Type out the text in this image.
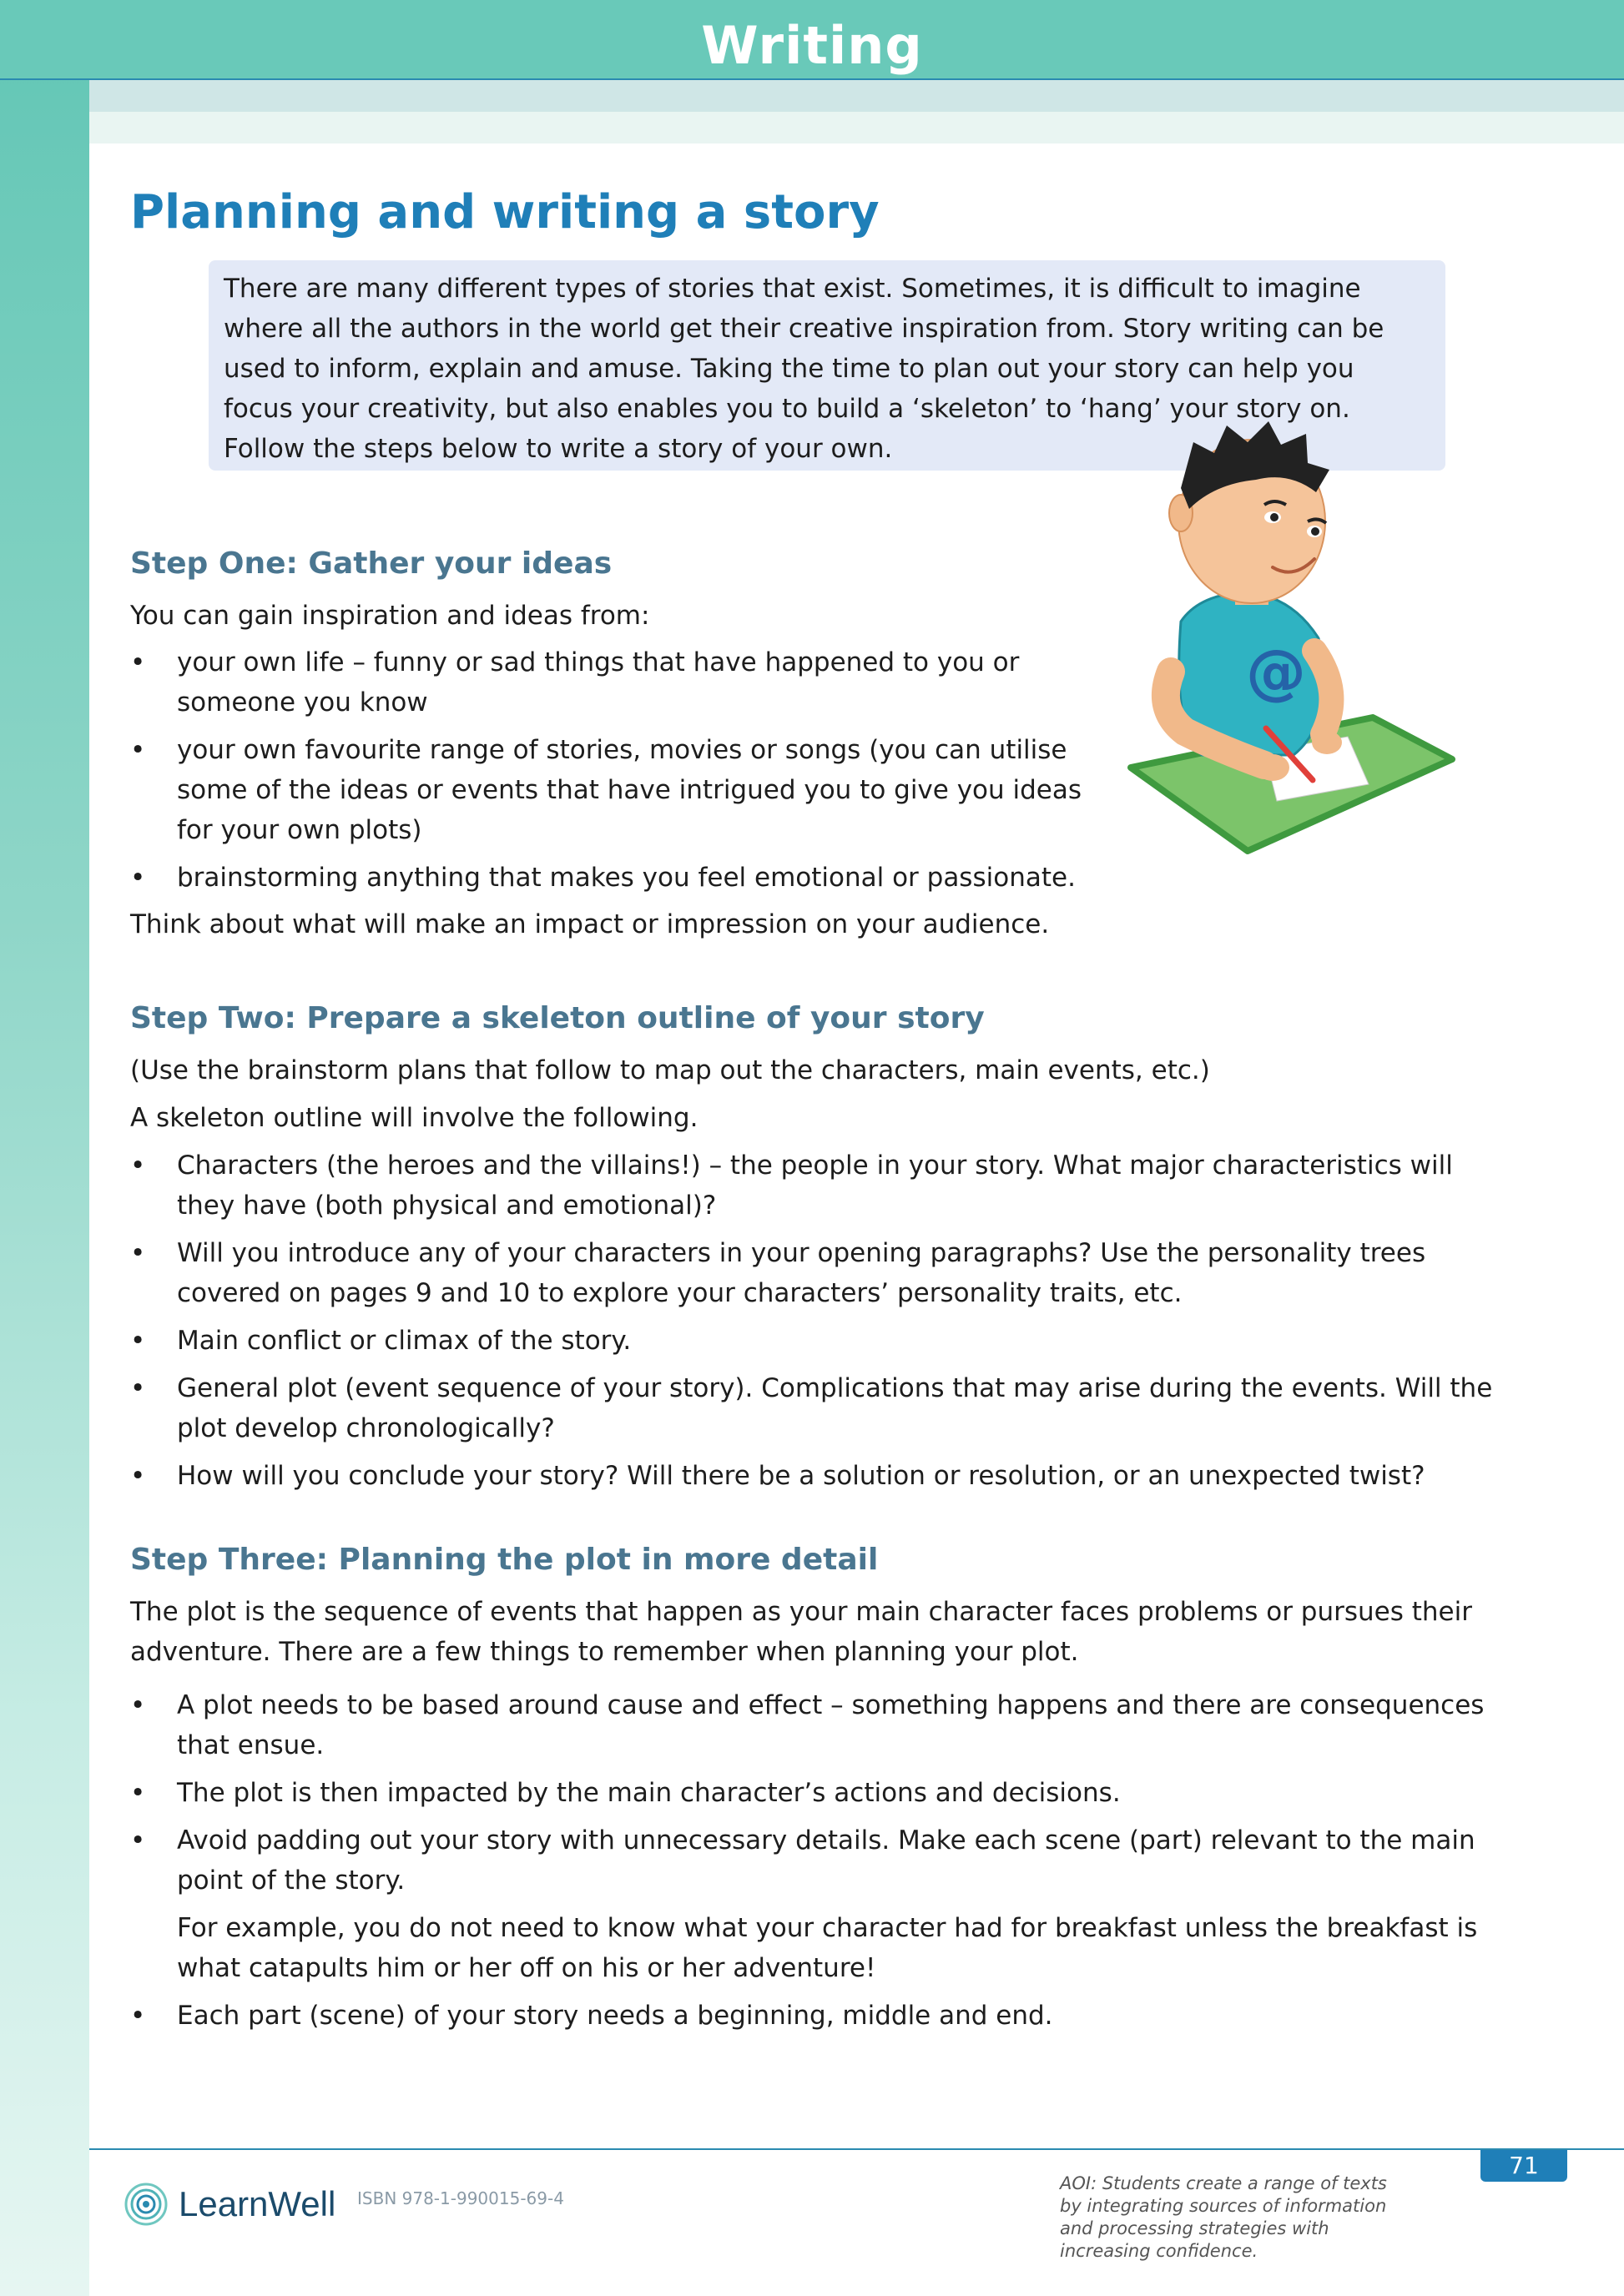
Writing
Planning and writing a story

There are many different types of stories that exist. Sometimes, it is difficult to imagine where all the authors in the world get their creative inspiration from. Story writing can be used to inform, explain and amuse. Taking the time to plan out your story can help you focus your creativity, but also enables you to build a ‘skeleton’ to ‘hang’ your story on. Follow the steps below to write a story of your own.

Step One: Gather your ideas

You can gain inspiration and ideas from:

• your own life – funny or sad things that have happened to you or someone you know
• your own favourite range of stories, movies or songs (you can utilise some of the ideas or events that have intrigued you to give you ideas for your own plots)
• brainstorming anything that makes you feel emotional or passionate.

Think about what will make an impact or impression on your audience.

@
Step Two: Prepare a skeleton outline of your story

(Use the brainstorm plans that follow to map out the characters, main events, etc.)

A skeleton outline will involve the following.

• Characters (the heroes and the villains!) – the people in your story. What major characteristics will they have (both physical and emotional)?
• Will you introduce any of your characters in your opening paragraphs? Use the personality trees covered on pages 9 and 10 to explore your characters’ personality traits, etc.
• Main conflict or climax of the story.
• General plot (event sequence of your story). Complications that may arise during the events. Will the plot develop chronologically?
• How will you conclude your story? Will there be a solution or resolution, or an unexpected twist?
Step Three: Planning the plot in more detail

The plot is the sequence of events that happen as your main character faces problems or pursues their adventure. There are a few things to remember when planning your plot.

• A plot needs to be based around cause and effect – something happens and there are consequences that ensue.
• The plot is then impacted by the main character’s actions and decisions.
• Avoid padding out your story with unnecessary details. Make each scene (part) relevant to the main point of the story.

For example, you do not need to know what your character had for breakfast unless the breakfast is what catapults him or her off on his or her adventure!

• Each part (scene) of your story needs a beginning, middle and end.
71
LearnWell ISBN 978-1-990015-69-4
AOI: Students create a range of texts by integrating sources of information and processing strategies with increasing confidence.
